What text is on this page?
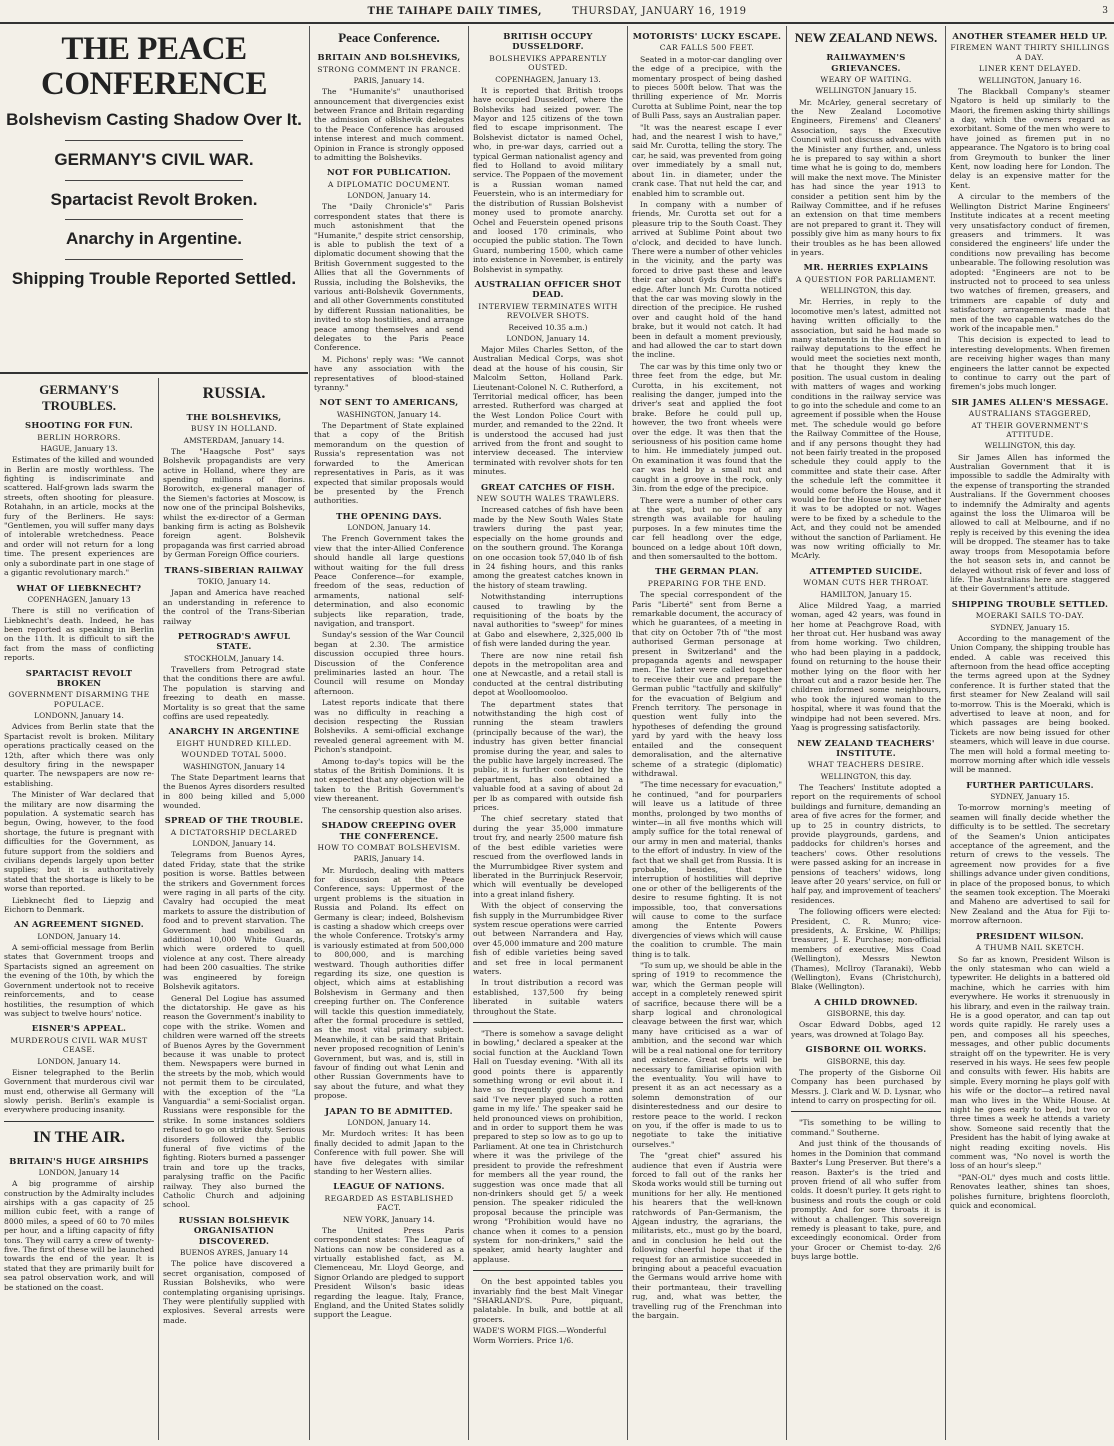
THE TAIHAPE DAILY TIMES,	THURSDAY, JANUARY 16, 1919
THE PEACE CONFERENCE
Bolshevism Casting Shadow Over It.
GERMANY'S CIVIL WAR.
Spartacist Revolt Broken.
Anarchy in Argentine.
Shipping Trouble Reported Settled.
GERMANY'S TROUBLES.
SHOOTING FOR FUN.
BERLIN HORRORS.
HAGUE, January 13.

Estimates of the killed and wounded in Berlin are mostly worthless. The fighting is indiscriminate and scattered. Half-grown lads swarm the streets, often shooting for pleasure. Rotahahn, in an article, mocks at the fury of the Berliners. He says: "Gentlemen, you will suffer many days of intolerable wretchedness. Peace and order will not return for a long time. The present experiences are only a subordinate part in one stage of a gigantic revolutionary march."

WHAT OF LIEBKNECHT?
COPENHAGEN, January 13

There is still no verification of Liebknecht's death. Indeed, he has been reported as speaking in Berlin on the 11th. It is difficult to sift the fact from the mass of conflicting reports.

SPARTACIST REVOLT BROKEN
GOVERNMENT DISARMING THE POPULACE.
LONDONN, January 14.

Advices from Berlin state that the Spartacist revolt is broken. Military operations practically ceased on the 12th, after which there was only desultory firing in the newspaper quarter. The newspapers are now re-establishing.

The Minister of War declared that the military are now disarming the population. A systematic search has begun, Owing, however, to the food shortage, the future is pregnant with difficulties for the Government, as future support from the soldiers and civilians depends largely upon better supplies; but it is authoritatively stated that the shortage is likely to be worse than reported.

Liebknecht fled to Liepzig and Eichorn to Denmark.

AN AGREEMENT SIGNED.
LONDON, January 14.

A semi-official message from Berlin states that Government troops and Spartacists signed an agreement on the evening of the 10th, by which the Government undertook not to receive reinforcements, and to cease hostilities, the resumption of which was subject to twelve hours' notice.

EISNER'S APPEAL.
MURDEROUS CIVIL WAR MUST CEASE.
LONDON, January 14.

Eisner telegraphed to the Berlin Government that murderous civil war must end, otherwise all Germany will slowly perish. Berlin's example is everywhere producing insanity.

IN THE AIR.
BRITAIN'S HUGE AIRSHIPS
LONDON, January 14

A big programme of airship construction by the Admiralty includes airships with a gas capacity of 25 million cubic feet, with a range of 8000 miles, a speed of 60 to 70 miles per hour, and a lifting capacity of fifty tons. They will carry a crew of twenty-five. The first of these will be launched towards the end of the year. It is stated that they are primarily built for sea patrol observation work, and will be stationed on the coast.

RUSSIA.
THE BOLSHEVIKS,
BUSY IN HOLLAND.
AMSTERDAM, January 14.

The "Haagsche Post" says Bolshevik propagandists are very active in Holland, where they are spending millions of florins. Borowitch, ex-general manager of the Siemen's factories at Moscow, is now one of the principal Bolsheviks, whilst the ex-director of a German banking firm is acting as Bolshevik foreign agent. Bolshevik propaganda was first carried abroad by German Foreign Office couriers.

TRANS-SIBERIAN RAILWAY
TOKIO, January 14.

Japan and America have reached an understanding in reference to the control of the Trans-Siberian railway

PETROGRAD'S AWFUL STATE.
STOCKHOLM, January 14.

Travellers from Petrograd state that the conditions there are awful. The population is starving and freezing to death en masse. Mortality is so great that the same coffins are used repeatedly.

ANARCHY IN ARGENTINE
EIGHT HUNDRED KILLED.
WOUNDED TOTAL 5000.
WASHINGTON, January 14

The State Department learns that the Buenos Ayres disorders resulted in 800 being killed and 5,000 wounded.

SPREAD OF THE TROUBLE.
A DICTATORSHIP DECLARED
LONDON, January 14.

Telegrams from Buenos Ayres, dated Friday, state that the strike position is worse. Battles between the strikers and Government forces were raging in all parts of the city. Cavalry had occupied the meat markets to assure the distribution of food and to prevent starvation. The Government had mobilised an additional 10,000 White Guards, which were ordered to quell violence at any cost. There already had been 200 casualties. The strike was engineered by foreign Bolshevik agitators.

General Del Logiue has assumed the dictatorship. He gave as his reason the Government's inability to cope with the strike. Women and children were warned off the streets of Buenos Ayres by the Government because it was unable to protect them. Newspapers were burned in the streets by the mob, which would not permit them to be circulated, with the exception of the "La Vanguardia" a semi-Socialist organ. Russians were responsible for the strike. In some instances soldiers refused to go on strike duty. Serious disorders followed the public funeral of five victims of the fighting. Rioters burned a passenger train and tore up the tracks, paralysing traffic on the Pacific railway. They also burned the Catholic Church and adjoining school.

RUSSIAN BOLSHEVIK ORGANISATION DISCOVERED.
BUENOS AYRES, January 14

The police have discovered a secret organisation, composed of Russian Bolsheviks, who were contemplating organising uprisings. They were plentifully supplied with explosives. Several arrests were made.

Peace Conference.
BRITAIN AND BOLSHEVIKS,
STRONG COMMENT IN FRANCE.
PARIS, January 14.

The "Humanite's" unauthorised announcement that divergencies exist between France and Britain regarding the admission of oBlshevik delegates to the Peace Conference has aroused intense interest and much comment. Opinion in France is strongly opposed to admitting the Bolsheviks.

NOT FOR PUBLICATION.
A DIPLOMATIC DOCUMENT.
LONDON, January 14.

The "Daily Chronicle's" Paris correspondent states that there is much astonishment that the "Humanite," despite strict censorship, is able to publish the text of a diplomatic document showing that the British Government suggested to the Allies that all the Governments of Russia, including the Bolsheviks, the various anti-Bolshevik Governments, and all other Governments constituted by different Russian nationalities, be invited to stop hostilities, and arrange peace among themselves and send delegates to the Paris Peace Conference.

M. Pichons' reply was: "We cannot have any association with the representatives of blood-stained tyranny."

NOT SENT TO AMERICANS,
WASHINGTON, January 14.

The Department of State explained that a copy of the British memorandum on the question of Russia's representation was not forwarded to the American representatives in Paris, as it was expected that similar proposals would be presented by the French authorities.

THE OPENING DAYS.
LONDON, January 14.

The French Government takes the view that the inter-Allied Conference should handle all large questions without waiting for the full dress Peace Conference—for example, freedom of the seas, reduction of armaments, national self-determination, and also economic subjects like reparation, trade, navigation, and transport.

Sunday's session of the War Council began at 2.30. The armistice discussion occupied three hours. Discussion of the Conference preliminaries lasted an hour. The Council will resume on Monday afternoon.

Latest reports indicate that there was no difficulty in reaching a decision respecting the Russian Bolsheviks. A semi-official exchange revealed general agreement with M. Pichon's standpoint.

Among to-day's topics will be the status of the British Dominions. It is not expected that any objection will be taken to the British Government's view thereanent.

The censorship question also arises.

SHADOW CREEPING OVER THE CONFERENCE.
HOW TO COMBAT BOLSHEVISM.
PARIS, January 14.

Mr. Murdoch, dealing with matters for discussion at the Peace Conference, says: Uppermost of the urgent problems is the situation in Russia and Poland. Its effect on Germany is clear; indeed, Bolshevism is casting a shadow which creeps over the whole Conference. Trotsky's army is variously estimated at from 500,000 to 800,000, and is marching westward. Though authorities differ regarding its size, one question is object, which aims at establishing Bolshevism in Germany and then creeping further on. The Conference will tackle this question immediately, after the formal procedure is settled, as the most vital primary subject. Meanwhile, it can be said that Britain never proposed recognition of Lenin's Government, but was, and is, still in favour of finding out what Lenin and other Russian Governments have to say about the future, and what they propose.

JAPAN TO BE ADMITTED.
LONDON, January 14.

Mr. Murdoch writes: It has been finally decided to admit Japan to the Conference with full power. She will have five delegates with similar standing to her Western allies.

LEAGUE OF NATIONS.
REGARDED AS ESTABLISHED FACT.
NEW YORK, January 14.

The United Press Paris correspondent states: The League of Nations can now be considered as a virtually established fact, as M. Clemenceau, Mr. Lloyd George, and Signor Orlando are pledged to support President Wilson's basic ideas regarding the league. Italy, France, England, and the United States solidly support the League.

BRITISH OCCUPY DUSSELDORF.
BOLSHEVIKS APPARENTLY OUSTED.
COPENHAGEN, January 13.

It is reported that British troops have occupied Dusseldorf, where the Bolsheviks had seized power. The Mayor and 125 citizens of the town fled to escape imprisonment. The Bolshevist dictator is named Ochel, who, in pre-war days, carried out a typical German nationalist agency and fled to Holland to avoid military service. The Poppaen of the movement is a Russian woman named Feuerstein, who is an intermediary for the distribution of Russian Bolshevist money used to promote anarchy. Ochel and Feuerstein opened prisons and loosed 170 criminals, who occupied the public station. The Town Guard, numbering 1500, which came into existence in November, is entirely Bolshevist in sympathy.

AUSTRALIAN OFFICER SHOT DEAD.
INTERVIEW TERMINATES WITH REVOLVER SHOTS.
Received 10.35 a.m.)
LONDON, January 14.

Major Miles Charles Setton, of the Australian Medical Corps, was shot dead at the house of his cousin, Sir Malcolm Setton, Holland Park. Lieutenant-Colonel N. C. Rutherford, a Territorial medical officer, has been arrested. Rutherford was charged at the West London Police Court with murder, and remanded to the 22nd. It is understood the accused had just arrived from the front and sought to interview deceased. The interview terminated with revolver shots for ten minutes.

GREAT CATCHES OF FISH.
NEW SOUTH WALES TRAWLERS.

Increased catches of fish have been made by the New South Wales State trawlers during the past year, especially on the home grounds and on the southern ground. The Koranga on one occasion took 57,040 lb of fish in 24 fishing hours, and this ranks among the greatest catches known in the history of steam trawling.

Notwithstanding interruptions caused to trawling by the requisitioning of the boats by the naval authorities to "sweep" for mines at Gabo and elsewhere, 2,325,000 lb of fish were landed during the year.

There are now nine retail fish depots in the metropolitan area and one at Newcastle, and a retail stall is conducted at the central distributing depot at Woolloomooloo.

The department states that notwithstanding the high cost of running the steam trawlers (principally because of the war), the industry has given better financial promise during the year, and sales to the public have largely increased. The public, it is further contended by the department, has also obtained a valuable food at a saving of about 2d per lb as compared with outside fish prices.

The chief secretary stated that during the year 35,000 immature trout fry, and nearly 2500 mature fish of the best edible varieties were rescued from the overflowed lands in the Murrumbidgee River system and liberated in the Burrinjuck Reservoir, which will eventually be developed into a great inland fishery.

With the object of conserving the fish supply in the Murrumbidgee River system rescue operations were carried out between Narrandera and Hay, over 45,000 immature and 200 mature fish of edible varieties being saved and set free in local permanent waters.

In trout distribution a record was established, 137,500 fry being liberated in suitable waters throughout the State.

"There is somehow a savage delight in bowling," declared a speaker at the social function at the Auckland Town Hall on Tuesday evening. "With all its good points there is apparently something wrong or evil about it. I have so frequently gone home and said 'I've never played such a rotten game in my life.' The speaker said he held pronounced views on prohibition, and in order to support them he was prepared to step so low as to go up to Parliament. At one tea in Christchurch where it was the privilege of the president to provide the refreshment for members all the year round, the suggestion was once made that all non-drinkers should get 5/ a week pension. The speaker ridiculed the proposal because the principle was wrong "Prohibition would have no chance when it comes to a pension system for non-drinkers," said the speaker, amid hearty laughter and applause.

On the best appointed tables you invariably find the best Malt Vinegar "SHARLAND'S. Pure, piquant, palatable. In bulk, and bottle at all grocers.

WADE'S WORM FIGS.—Wonderful Worm Worriers. Price 1/6.

MOTORISTS' LUCKY ESCAPE.
CAR FALLS 500 FEET.

Seated in a motor-car dangling over the edge of a precipice, with the momentary prospect of being dashed to pieces 500ft below. That was the thrilling experience of Mr. Morris Curotta at Sublime Point, near the top of Bulli Pass, says an Australian paper.

"It was the nearest escape I ever had, and the nearest I wish to have," said Mr. Curotta, telling the story. The car, he said, was prevented from going over immediately by a small nut, about 1in. in diameter, under the crank case. That nut held the car, and enabled him to scramble out.

In company with a number of friends, Mr. Curotta set out for a pleasure trip to the South Coast. They arrived at Sublime Point about two o'clock, and decided to have lunch. There were a number of other vehicles in the vicinity, and the party was forced to drive past these and leave their car about 6yds from the cliff's edge. After lunch Mr. Curotta noticed that the car was moving slowly in the direction of the precipice. He rushed over and caught hold of the hand brake, but it would not catch. It had been in default a moment previously, and had allowed the car to start down the incline.

The car was by this time only two or three feet from the edge, but Mr. Curotta, in his excitement, not realising the danger, jumped into the driver's seat and applied the foot brake. Before he could pull up, however, the two front wheels were over the edge. It was then that the seriousness of his position came home to him. He immediately jumped out. On examination it was found that the car was held by a small nut and caught in a groove in the rock, only 3in. from the edge of the precipice.

There were a number of other cars at the spot, but no rope of any strength was available for hauling purposes. In a few minutes time the car fell headlong over the edge, bounced on a ledge about 10ft down, and then somersaulted to the bottom.

THE GERMAN PLAN.
PREPARING FOR THE END.

The special correspondent of the Paris "Liberté" sent from Berne a remarkable document, the accuracy of which he guarantees, of a meeting in that city on October 7th of "the most authorised German personage at present in Switzerland" and the propaganda agents and newspaper men. The latter were called together to receive their cue and prepare the German public "tactfully and skilfully" for the evacuation of Belgium and French territory. The personage in question went fully into the hypotheses of defending the ground yard by yard with the heavy loss entailed and the consequent demoralisation, and the alternative scheme of a strategic (diplomatic) withdrawal.

"The time necessary for evacuation," he continued, "and for pourparlers will leave us a latitude of three months, prolonged by two months of winter—in all five months which will amply suffice for the total renewal of our army in men and material, thanks to the effort of industry. In view of the fact that we shall get from Russia. It is probable, besides, that the interruption of hostilities will deprive one or other of the belligerents of the desire to resume fighting. It is not impossible, too, that conversations will cause to come to the surface among the Entente Powers divergencies of views which will cause the coalition to crumble. The main thing is to talk.

"To sum up, we should be able in the spring of 1919 to recommence the war, which the German people will accept in a completely renewed spirit of sacrifice, because there will be a sharp logical and chronological cleavage between the first war, which many have criticised as a war of ambition, and the second war which will be a real national one for territory and existence. Great efforts will be necessary to familiarise opinion with the eventuality. You will have to present it as an act necessary as a solemn demonstration of our disinterestedness and our desire to restore peace to the world. I reckon on you, if the offer is made to us to negotiate to take the initiative ourselves."

The "great chief" assured his audience that even if Austria were forced to fall out of the ranks her Skoda works would still be turning out munitions for her ally. He mentioned his hearers that the well-known ratchwords of Pan-Germanism, the Ajgean industry, the agrarians, the militarists, etc., must go by the board, and in conclusion he held out the following cheerful hope that if the request for an armistice succeeded in bringing about a peaceful evacuation the Germans would arrive home with their portmanteau, their travelling rug, and, what was better, the travelling rug of the Frenchman into the bargain.

NEW ZEALAND NEWS.
RAILWAYMEN'S GRIEVANCES.
WEARY OF WAITING.
WELLINGTON January 15.

Mr. McArley, general secretary of the New Zealand Locomotive Engineers, Firemens' and Cleaners' Association, says the Executive Council will not discuss advances with the Minister any further, and, unless he is prepared to say within a short time what he is going to do, members will make the next move. The Minister has had since the year 1913 to consider a petition sent him by the Railway Committee, and if he refuses an extension on that time members are not prepared to grant it. They will possibly give him as many hours to fix their troubles as he has been allowed in years.

MR. HERRIES EXPLAINS
A QUESTION FOR PARLIAMENT.
WELLINGTON, this day.

Mr. Herries, in reply to the locomotive men's latest, admitted not having written officially to the association, but said he had made so many statements in the House and in railway deputations to the effect he would meet the societies next month, that he thought they knew the position. The usual custom in dealing with matters of wages and working conditions in the railway service was to go into the schedule and come to an agreement if possible when the House met. The schedule would go before the Railway Committee of the House, and if any persons thought they had not been fairly treated in the proposed schedule they could apply to the committee and state their case. After the schedule left the committee it would come before the House, and it would be for the House to say whether it was to be adopted or not. Wages were to be fixed by a schedule to the Act, and they could not be amended without the sanction of Parliament. He was now writing officially to Mr. McArly.

ATTEMPTED SUICIDE.
WOMAN CUTS HER THROAT.
HAMILTON, January 15.

Alice Mildred Yaag, a married woman, aged 42 years, was found in her home at Peachgrove Road, with her throat cut. Her husband was away from home working. Two children, who had been playing in a paddock, found on returning to the house their mother lying on the floor with her throat cut and a razor beside her. The children informed some neighbours, who took the injured woman to the hospital, where it was found that the windpipe had not been severed. Mrs. Yaag is progressing satisfactorily.

NEW ZEALAND TEACHERS' INSTITUTE.
WHAT TEACHERS DESIRE.
WELLINGTON, this day.

The Teachers' Institute adopted a report on the requirements of school buildings and furniture, demanding an area of five acres for the former, and up to 25 in country districts, to provide playgrounds, gardens, and paddocks for children's horses and teachers' cows. Other resolutions were passed asking for an increase in pensions of teachers' widows, long leave after 20 years' service, on full or half pay, and improvement of teachers' residences.

The following officers were elected: President, C. R. Munro; vice-presidents, A. Erskine, W. Phillips; treasurer, J. E. Purchase; non-official members of executive, Miss Coad (Wellington), Messrs Newton (Thames), McIlroy (Taranaki), Webb (Wellington), Evans (Christchurch), Blake (Wellington).

A CHILD DROWNED.
GISBORNE, this day.

Oscar Edward Dobbs, aged 12 years, was drowned at Tolago Bay.

GISBORNE OIL WORKS.
GISBORNE, this day.

The property of the Gisborne Oil Company has been purchased by Messrs. J. Clark and W. D. Lysnar, who intend to carry on prospecting for oil.

"Tis something to be willing to command." Southerne.

And just think of the thousands of homes in the Dominion that command Baxter's Lung Preserver. But there's a reason. Baxter's is the tried and proven friend of all who suffer from colds. It doesn't purley. It gets right to business and routs the cough or cold promptly. And for sore throats it is without a challenger. This sovereign remedy is pleasant to take, pure, and exceedingly economical. Order from your Grocer or Chemist to-day. 2/6 buys large bottle.

ANOTHER STEAMER HELD UP.
FIREMEN WANT THIRTY SHILLINGS A DAY.
LINER KENT DELAYED.
WELLINGTON, January 16.

The Blackball Company's steamer Ngatoro is held up similarly to the Maori, the firemen asking thirty shillings a day, which the owners regard as exorbitant. Some of the men who were to have joined as firemen put in no appearance. The Ngatoro is to bring coal from Greymouth to bunker the liner Kent, now loading here for London. The delay is an expensive matter for the Kent.

A circular to the members of the Wellington District Marine Engineers' Institute indicates at a recent meeting very unsatisfactory conduct of firemen, greasers and trimmers. It was considered the engineers' life under the conditions now prevailing has become unbearable. The following resolution was adopted: "Engineers are not to be instructed not to proceed to sea unless two watches of firemen, greasers, and trimmers are capable of duty and satisfactory arrangements made that men of the two capable watches do the work of the incapable men."

This decision is expected to lead to interesting developments. When firemen are receiving higher wages than many engineers the latter cannot be expected to continue to carry out the part of firemen's jobs much longer.

SIR JAMES ALLEN'S MESSAGE.
AUSTRALIANS STAGGERED,
AT THEIR GOVERNMENT'S ATTITUDE.
WELLINGTON, this day.

Sir James Allen has informed the Australian Government that it is impossible to saddle the Admiralty with the expense of transporting the stranded Australians. If the Government chooses to indemnify the Admiralty and agents against the loss the Ulimaroa will be allowed to call at Melbourne, and if no reply is received by this evening the idea will be dropped. The steamer has to take away troops from Mesopotamia before the hot season sets in, and cannot be delayed without risk of fever and loss of life. The Australians here are staggered at their Government's attitude.

SHIPPING TROUBLE SETTLED.
MOERAKI SAILS TO-DAY.
SYDNEY, January 15.

According to the management of the Union Company, the shipping trouble has ended. A cable was received this afternoon from the head office accepting the terms agreed upon at the Sydney conference. It is further stated that the first steamer for New Zealand will sail to-morrow. This is the Moeraki, which is advertised to leave at noon, and for which passages are being booked. Tickets are now being issued for other steamers, which will leave in due course. The men will hold a formal meeting to-morrow morning after which idle vessels will be manned.

FURTHER PARTICULARS.
SYDNEY, January 15.

To-morrow morning's meeting of seamen will finally decide whether the difficulty is to be settled. The secretary of the Seamen's Union anticipates acceptance of the agreement, and the return of crews to the vessels. The agreement now provides for a five shillings advance under given conditions, in place of the proposed bonus, to which the seamen took exception. The Moeraki and Maheno are advertised to sail for New Zealand and the Atua for Fiji to-morrow afternoon.

PRESIDENT WILSON.
A THUMB NAIL SKETCH.

So far as known, President Wilson is the only statesman who can wield a typewriter. He delights in a battered old machine, which he carries with him everywhere. He works it strenuously in his library, and even in the railway train. He is a good operator, and can tap out words quite rapidly. He rarely uses a pen, and composes all his speeches, messages, and other public documents straight off on the typewriter. He is very reserved in his ways. He sees few people and consults with fewer. His habits are simple. Every morning he plays golf with his wife or the doctor—a retired naval man who lives in the White House. At night he goes early to bed, but two or three times a week he attends a variety show. Someone said recently that the President has the habit of lying awake at night reading exciting novels. His comment was, "No novel is worth the loss of an hour's sleep."

"PAN-OL" dyes much and costs little. Renovates leather, shines tan shoes, polishes furniture, brightens floorcloth, quick and economical.

3
